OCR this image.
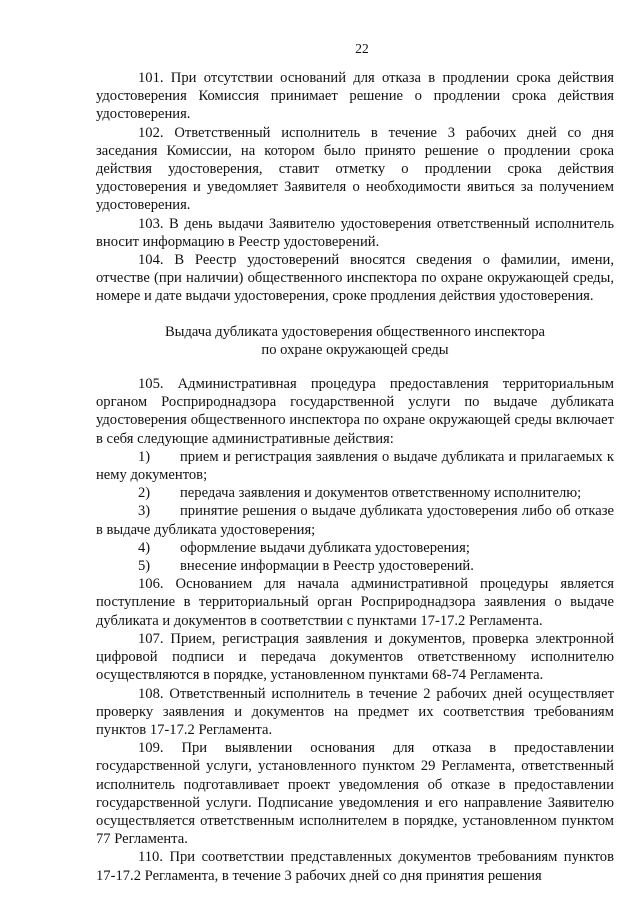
22

101. При отсутствии оснований для отказа в продлении срока действия удостоверения Комиссия принимает решение о продлении срока действия удостоверения.

102. Ответственный исполнитель в течение 3 рабочих дней со дня заседания Комиссии, на котором было принято решение о продлении срока действия удостоверения, ставит отметку о продлении срока действия удостоверения и уведомляет Заявителя о необходимости явиться за получением удостоверения.

103. В день выдачи Заявителю удостоверения ответственный исполнитель вносит информацию в Реестр удостоверений.

104. В Реестр удостоверений вносятся сведения о фамилии, имени, отчестве (при наличии) общественного инспектора по охране окружающей среды, номере и дате выдачи удостоверения, сроке продления действия удостоверения.

Выдача дубликата удостоверения общественного инспектора
по охране окружающей среды

105. Административная процедура предоставления территориальным органом Росприроднадзора государственной услуги по выдаче дубликата удостоверения общественного инспектора по охране окружающей среды включает в себя следующие административные действия:

1) прием и регистрация заявления о выдаче дубликата и прилагаемых к нему документов;

2) передача заявления и документов ответственному исполнителю;

3) принятие решения о выдаче дубликата удостоверения либо об отказе в выдаче дубликата удостоверения;

4) оформление выдачи дубликата удостоверения;

5) внесение информации в Реестр удостоверений.

106. Основанием для начала административной процедуры является поступление в территориальный орган Росприроднадзора заявления о выдаче дубликата и документов в соответствии с пунктами 17-17.2 Регламента.

107. Прием, регистрация заявления и документов, проверка электронной цифровой подписи и передача документов ответственному исполнителю осуществляются в порядке, установленном пунктами 68-74 Регламента.

108. Ответственный исполнитель в течение 2 рабочих дней осуществляет проверку заявления и документов на предмет их соответствия требованиям пунктов 17-17.2 Регламента.

109. При выявлении основания для отказа в предоставлении государственной услуги, установленного пунктом 29 Регламента, ответственный исполнитель подготавливает проект уведомления об отказе в предоставлении государственной услуги. Подписание уведомления и его направление Заявителю осуществляется ответственным исполнителем в порядке, установленном пунктом 77 Регламента.

110. При соответствии представленных документов требованиям пунктов 17-17.2 Регламента, в течение 3 рабочих дней со дня принятия решения
